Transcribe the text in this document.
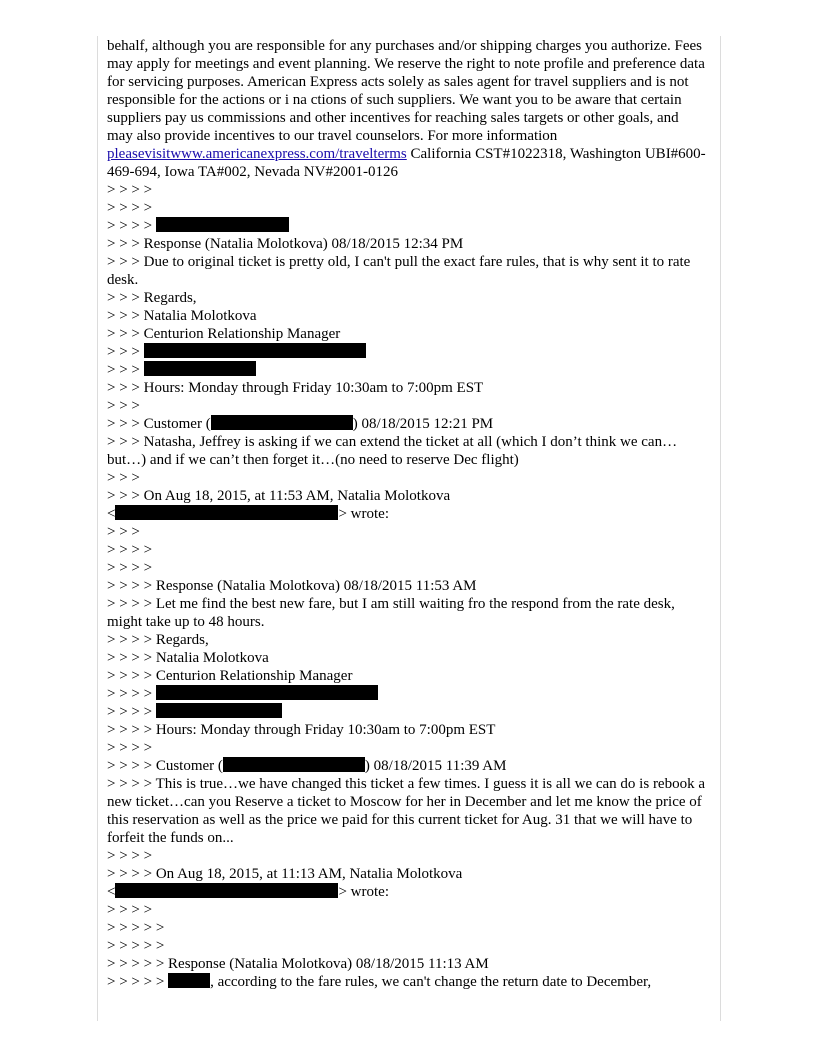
behalf, although you are responsible for any purchases and/or shipping charges you authorize. Fees may apply for meetings and event planning. We reserve the right to note profile and preference data for servicing purposes. American Express acts solely as sales agent for travel suppliers and is not responsible for the actions or i na ctions of such suppliers. We want you to be aware that certain suppliers pay us commissions and other incentives for reaching sales targets or other goals, and may also provide incentives to our travel counselors. For more information pleasevisitwww.americanexpress.com/travelterms California CST#1022318, Washington UBI#600-469-694, Iowa TA#002, Nevada NV#2001-0126
> > > >
> > > >
> > > >
> > > Response (Natalia Molotkova) 08/18/2015 12:34 PM
> > > Due to original ticket is pretty old, I can't pull the exact fare rules, that is why sent it to rate desk.
> > > Regards,
> > > Natalia Molotkova
> > > Centurion Relationship Manager
> > >
> > >
> > > Hours: Monday through Friday 10:30am to 7:00pm EST
> > >
> > > Customer (	) 08/18/2015 12:21 PM
> > > Natasha, Jeffrey is asking if we can extend the ticket at all (which I don’t think we can…but…) and if we can’t then forget it…(no need to reserve Dec flight)
> > >
> > > On Aug 18, 2015, at 11:53 AM, Natalia Molotkova
<	> wrote:
> > >
> > > >
> > > >
> > > > Response (Natalia Molotkova) 08/18/2015 11:53 AM
> > > > Let me find the best new fare, but I am still waiting fro the respond from the rate desk, might take up to 48 hours.
> > > > Regards,
> > > > Natalia Molotkova
> > > > Centurion Relationship Manager
> > > >
> > > >
> > > > Hours: Monday through Friday 10:30am to 7:00pm EST
> > > >
> > > > Customer (	) 08/18/2015 11:39 AM
> > > > This is true…we have changed this ticket a few times. I guess it is all we can do is rebook a new ticket…can you Reserve a ticket to Moscow for her in December and let me know the price of this reservation as well as the price we paid for this current ticket for Aug. 31 that we will have to forfeit the funds on...
> > > >
> > > > On Aug 18, 2015, at 11:13 AM, Natalia Molotkova
<	> wrote:
> > > >
> > > > >
> > > > >
> > > > > Response (Natalia Molotkova) 08/18/2015 11:13 AM
> > > > >	, according to the fare rules, we can't change the return date to December,
